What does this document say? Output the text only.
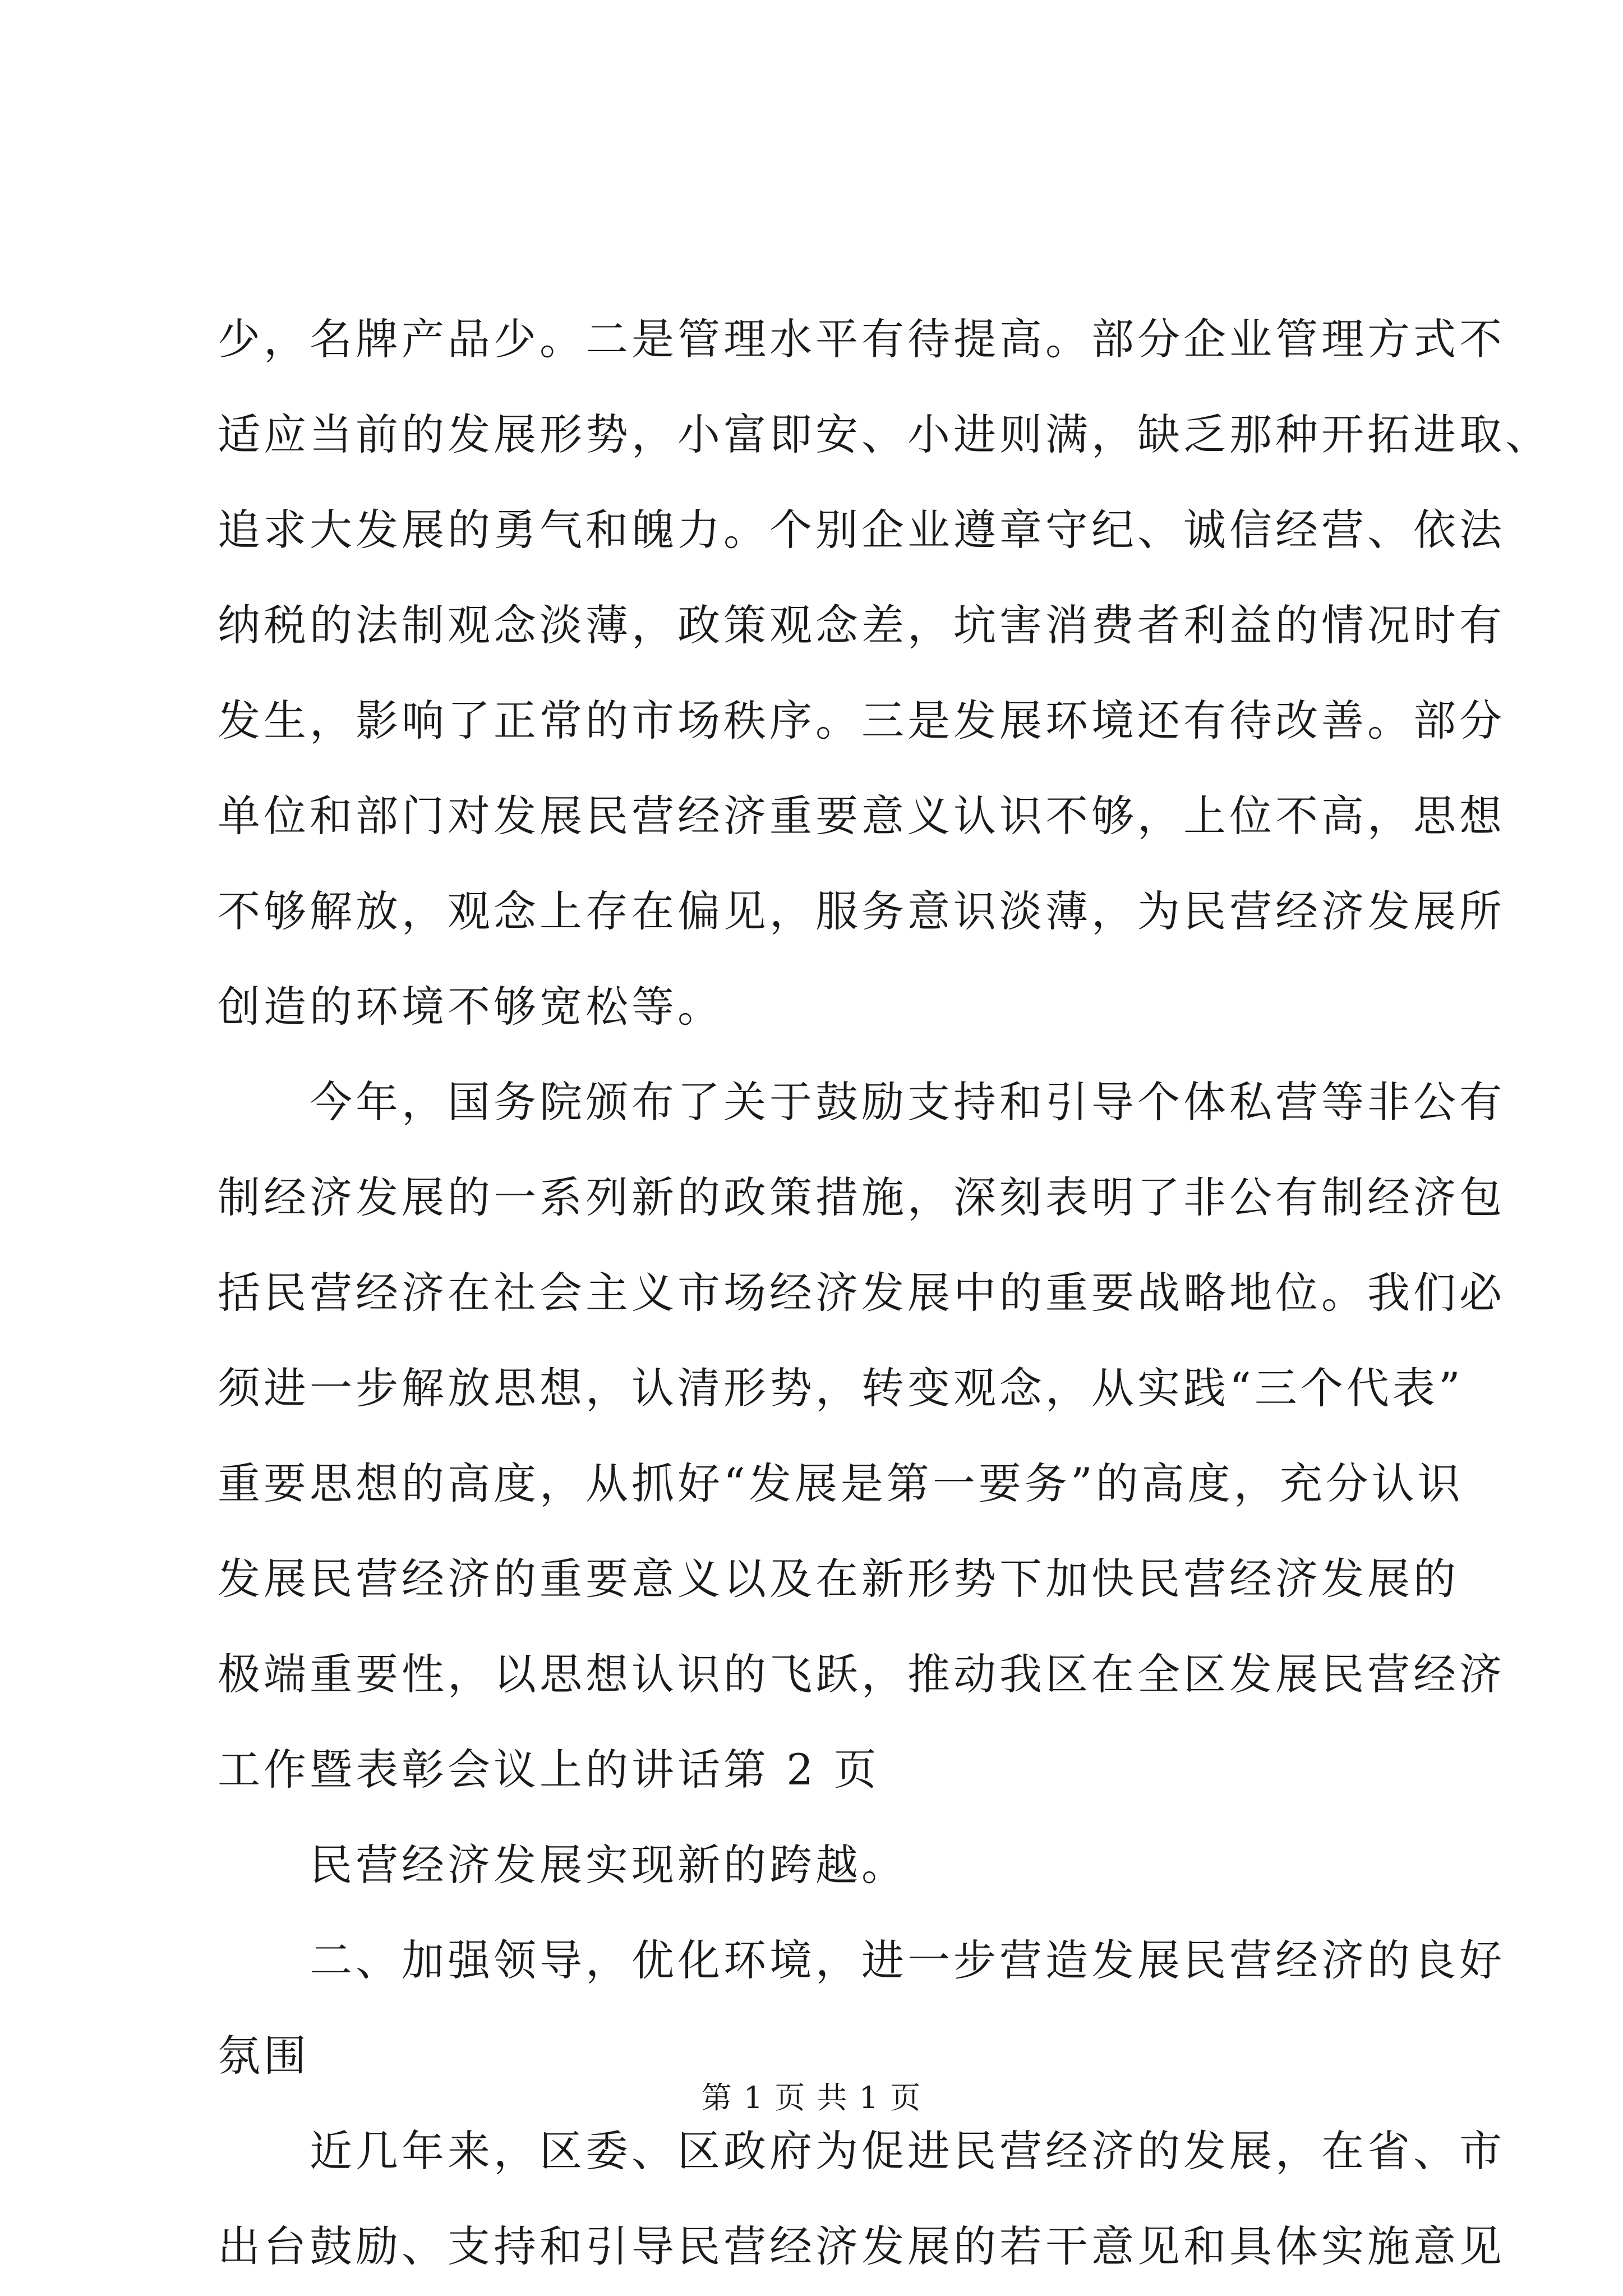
少，名牌产品少。二是管理水平有待提高。部分企业管理方式不
适应当前的发展形势，小富即安、小进则满，缺乏那种开拓进取、
追求大发展的勇气和魄力。个别企业遵章守纪、诚信经营、依法
纳税的法制观念淡薄，政策观念差，坑害消费者利益的情况时有
发生，影响了正常的市场秩序。三是发展环境还有待改善。部分
单位和部门对发展民营经济重要意义认识不够，上位不高，思想
不够解放，观念上存在偏见，服务意识淡薄，为民营经济发展所
创造的环境不够宽松等。
今年，国务院颁布了关于鼓励支持和引导个体私营等非公有
制经济发展的一系列新的政策措施，深刻表明了非公有制经济包
括民营经济在社会主义市场经济发展中的重要战略地位。我们必
须进一步解放思想，认清形势，转变观念，从实践“三个代表”
重要思想的高度，从抓好“发展是第一要务”的高度，充分认识
发展民营经济的重要意义以及在新形势下加快民营经济发展的
极端重要性，以思想认识的飞跃，推动我区在全区发展民营经济
工作暨表彰会议上的讲话第 2 页
民营经济发展实现新的跨越。
二、加强领导，优化环境，进一步营造发展民营经济的良好
氛围
近几年来，区委、区政府为促进民营经济的发展，在省、市
出台鼓励、支持和引导民营经济发展的若干意见和具体实施意见
第 1 页 共 1 页
